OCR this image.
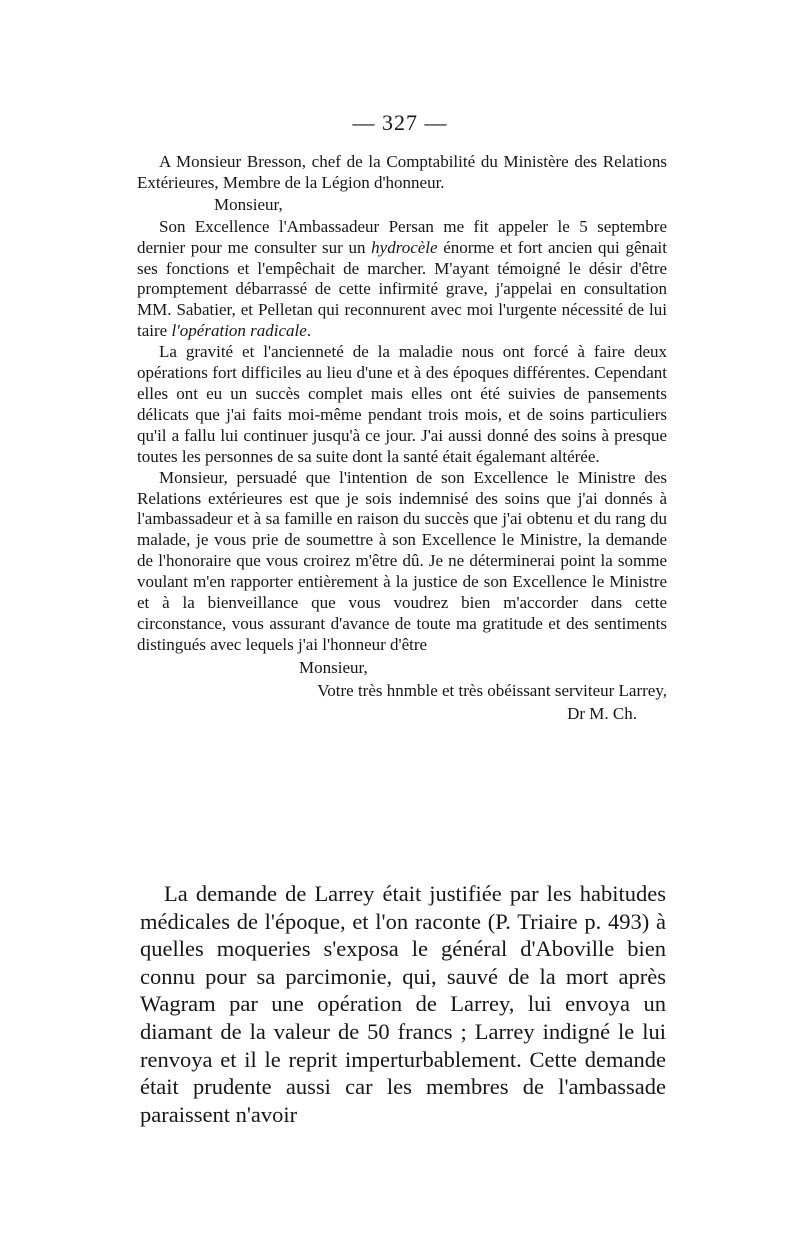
— 327 —

A Monsieur Bresson, chef de la Comptabilité du Ministère des Relations Extérieures, Membre de la Légion d'honneur.

Monsieur,

Son Excellence l'Ambassadeur Persan me fit appeler le 5 septembre dernier pour me consulter sur un hydrocèle énorme et fort ancien qui gênait ses fonctions et l'empêchait de marcher. M'ayant témoigné le désir d'être promptement débarrassé de cette infirmité grave, j'appelai en consultation MM. Sabatier, et Pelletan qui reconnurent avec moi l'urgente nécessité de lui taire l'opération radicale.

La gravité et l'ancienneté de la maladie nous ont forcé à faire deux opérations fort difficiles au lieu d'une et à des époques différentes. Cependant elles ont eu un succès complet mais elles ont été suivies de pansements délicats que j'ai faits moi-même pendant trois mois, et de soins particuliers qu'il a fallu lui continuer jusqu'à ce jour. J'ai aussi donné des soins à presque toutes les personnes de sa suite dont la santé était égalemant altérée.

Monsieur, persuadé que l'intention de son Excellence le Ministre des Relations extérieures est que je sois indemnisé des soins que j'ai donnés à l'ambassadeur et à sa famille en raison du succès que j'ai obtenu et du rang du malade, je vous prie de soumettre à son Excellence le Ministre, la demande de l'honoraire que vous croirez m'être dû. Je ne déterminerai point la somme voulant m'en rapporter entièrement à la justice de son Excellence le Ministre et à la bienveillance que vous voudrez bien m'accorder dans cette circonstance, vous assurant d'avance de toute ma gratitude et des sentiments distingués avec lequels j'ai l'honneur d'être

Monsieur,

Votre très hnmble et très obéissant serviteur Larrey,

Dr M. Ch.

La demande de Larrey était justifiée par les habitudes médicales de l'époque, et l'on raconte (P. Triaire p. 493) à quelles moqueries s'exposa le général d'Aboville bien connu pour sa parcimonie, qui, sauvé de la mort après Wagram par une opération de Larrey, lui envoya un diamant de la valeur de 50 francs ; Larrey indigné le lui renvoya et il le reprit imperturbablement. Cette demande était prudente aussi car les membres de l'ambassade paraissent n'avoir
